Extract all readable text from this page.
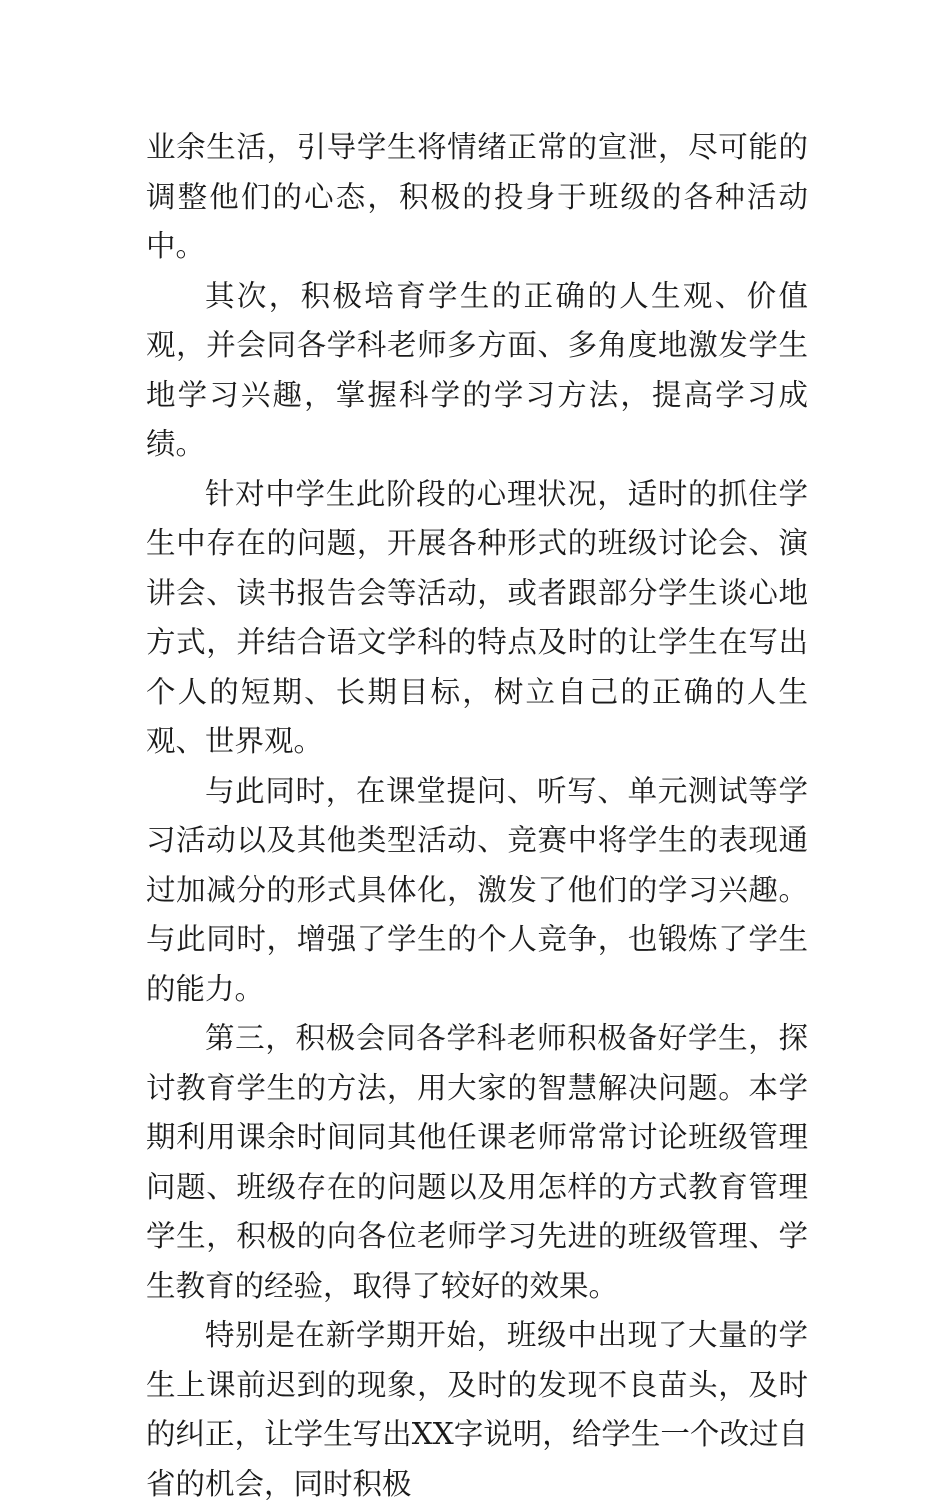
业余生活，引导学生将情绪正常的宣泄，尽可能的调整他们的心态，积极的投身于班级的各种活动中。

其次，积极培育学生的正确的人生观、价值观，并会同各学科老师多方面、多角度地激发学生地学习兴趣，掌握科学的学习方法，提高学习成绩。

针对中学生此阶段的心理状况，适时的抓住学生中存在的问题，开展各种形式的班级讨论会、演讲会、读书报告会等活动，或者跟部分学生谈心地方式，并结合语文学科的特点及时的让学生在写出个人的短期、长期目标，树立自己的正确的人生观、世界观。

与此同时，在课堂提问、听写、单元测试等学习活动以及其他类型活动、竞赛中将学生的表现通过加减分的形式具体化，激发了他们的学习兴趣。与此同时，增强了学生的个人竞争，也锻炼了学生的能力。

第三，积极会同各学科老师积极备好学生，探讨教育学生的方法，用大家的智慧解决问题。本学期利用课余时间同其他任课老师常常讨论班级管理问题、班级存在的问题以及用怎样的方式教育管理学生，积极的向各位老师学习先进的班级管理、学生教育的经验，取得了较好的效果。

特别是在新学期开始，班级中出现了大量的学生上课前迟到的现象，及时的发现不良苗头，及时的纠正，让学生写出XX字说明，给学生一个改过自省的机会，同时积极
